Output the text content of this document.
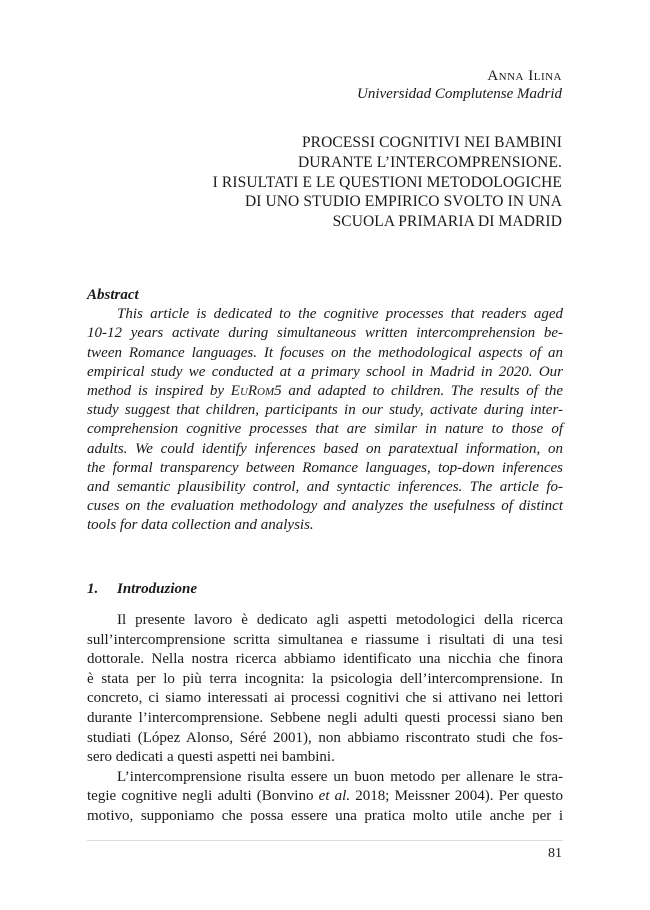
Anna Ilina
Universidad Complutense Madrid
PROCESSI COGNITIVI NEI BAMBINI
DURANTE L’INTERCOMPRENSIONE.
I RISULTATI E LE QUESTIONI METODOLOGICHE
DI UNO STUDIO EMPIRICO SVOLTO IN UNA
SCUOLA PRIMARIA DI MADRID
Abstract
This article is dedicated to the cognitive processes that readers aged
10-12 years activate during simultaneous written intercomprehension be-
tween Romance languages. It focuses on the methodological aspects of an
empirical study we conducted at a primary school in Madrid in 2020. Our
method is inspired by EuRom5 and adapted to children. The results of the
study suggest that children, participants in our study, activate during inter-
comprehension cognitive processes that are similar in nature to those of
adults. We could identify inferences based on paratextual information, on
the formal transparency between Romance languages, top-down inferences
and semantic plausibility control, and syntactic inferences. The article fo-
cuses on the evaluation methodology and analyzes the usefulness of distinct
tools for data collection and analysis.
1. Introduzione
Il presente lavoro è dedicato agli aspetti metodologici della ricerca
sull’intercomprensione scritta simultanea e riassume i risultati di una tesi
dottorale. Nella nostra ricerca abbiamo identificato una nicchia che finora
è stata per lo più terra incognita: la psicologia dell’intercomprensione. In
concreto, ci siamo interessati ai processi cognitivi che si attivano nei lettori
durante l’intercomprensione. Sebbene negli adulti questi processi siano ben
studiati (López Alonso, Séré 2001), non abbiamo riscontrato studi che fos-
sero dedicati a questi aspetti nei bambini.
L’intercomprensione risulta essere un buon metodo per allenare le stra-
tegie cognitive negli adulti (Bonvino et al. 2018; Meissner 2004). Per questo
motivo, supponiamo che possa essere una pratica molto utile anche per i
81
